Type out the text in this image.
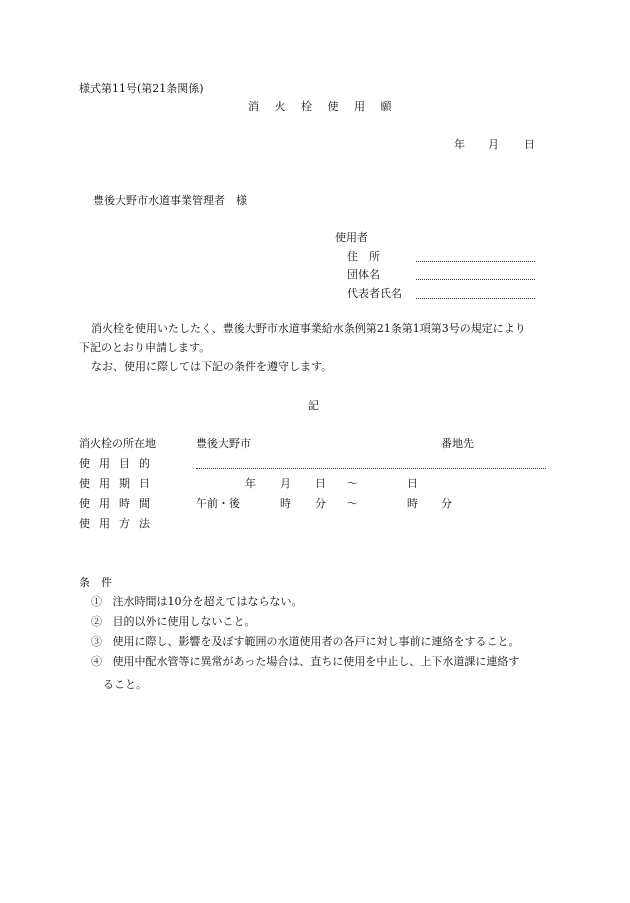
様式第11号(第21条関係)
消 火 栓 使 用 願
年 月 日
豊後大野市水道事業管理者　様
使用者
住　所
団体名
代表者氏名
消火栓を使用いたしたく、豊後大野市水道事業給水条例第21条第1項第3号の規定により
下記のとおり申請します。
なお、使用に際しては下記の条件を遵守します。
記
消火栓の所在地	豊後大野市	番地先
使用目的
使用期日	年 月 日 ～	日
使用時間	午前・後	時 分 ～	時 分
使用方法
条　件
① 注水時間は10分を超えてはならない。
② 目的以外に使用しないこと。
③ 使用に際し、影響を及ぼす範囲の水道使用者の各戸に対し事前に連絡をすること。
④ 使用中配水管等に異常があった場合は、直ちに使用を中止し、上下水道課に連絡す
ること。
